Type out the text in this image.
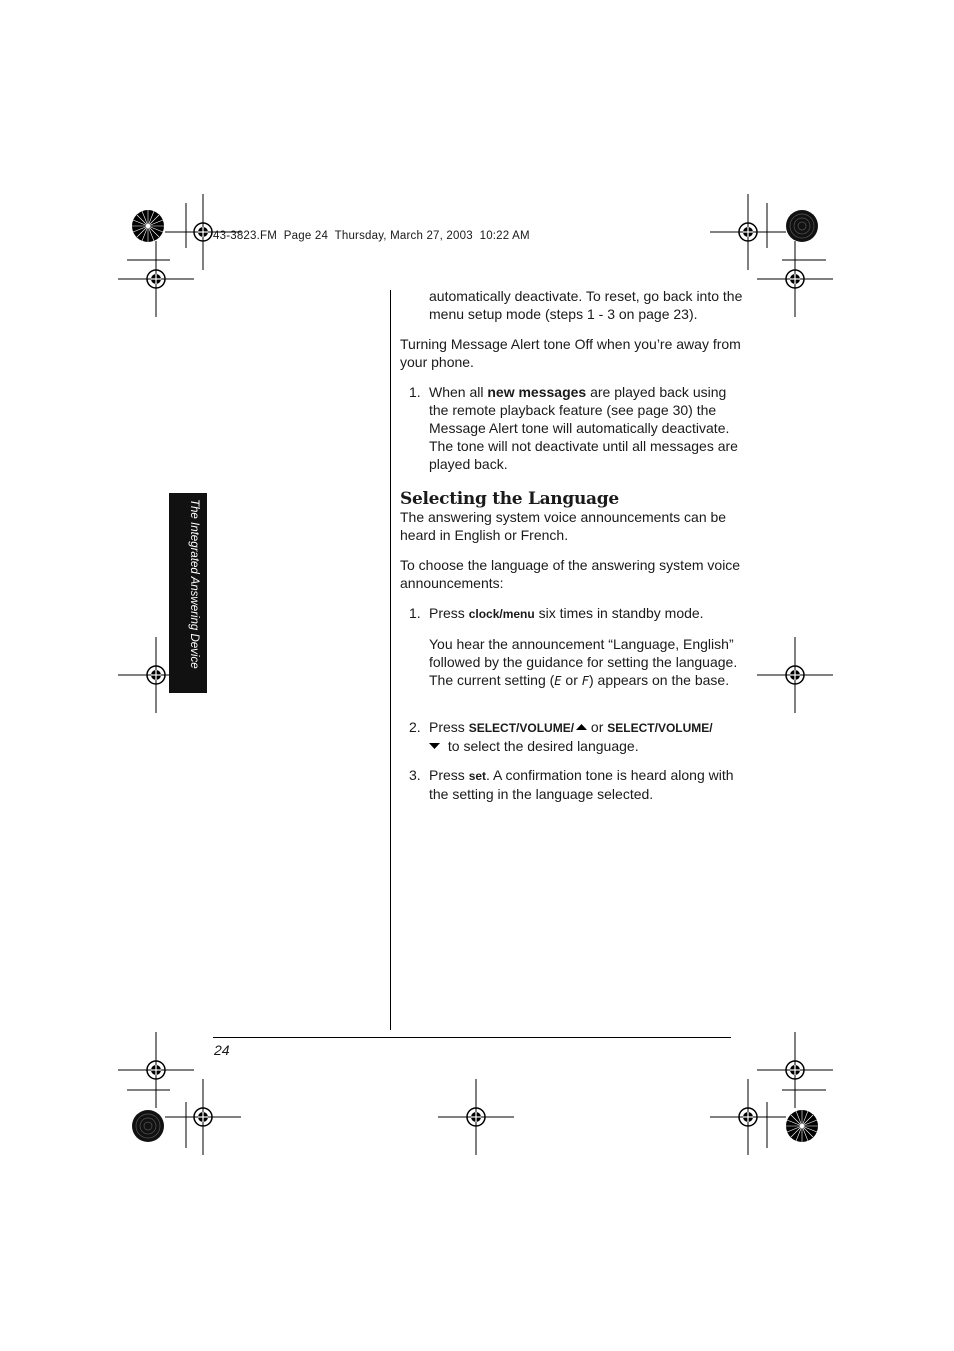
43-3823.FM  Page 24  Thursday, March 27, 2003  10:22 AM
The Integrated Answering Device

automatically deactivate. To reset, go back into the menu setup mode (steps 1 - 3 on page 23).

Turning Message Alert tone Off when you’re away from your phone.

1. When all new messages are played back using the remote playback feature (see page 30) the Message Alert tone will automatically deactivate. The tone will not deactivate until all messages are played back.
Selecting the Language

The answering system voice announcements can be heard in English or French.

To choose the language of the answering system voice announcements:

1. Press clock/menu six times in standby mode.
You hear the announcement “Language, English” followed by the guidance for setting the language. The current setting (E or F) appears on the base.
2. Press SELECT/VOLUME/ or SELECT/VOLUME/
to select the desired language.
3. Press set. A confirmation tone is heard along with the setting in the language selected.
24
